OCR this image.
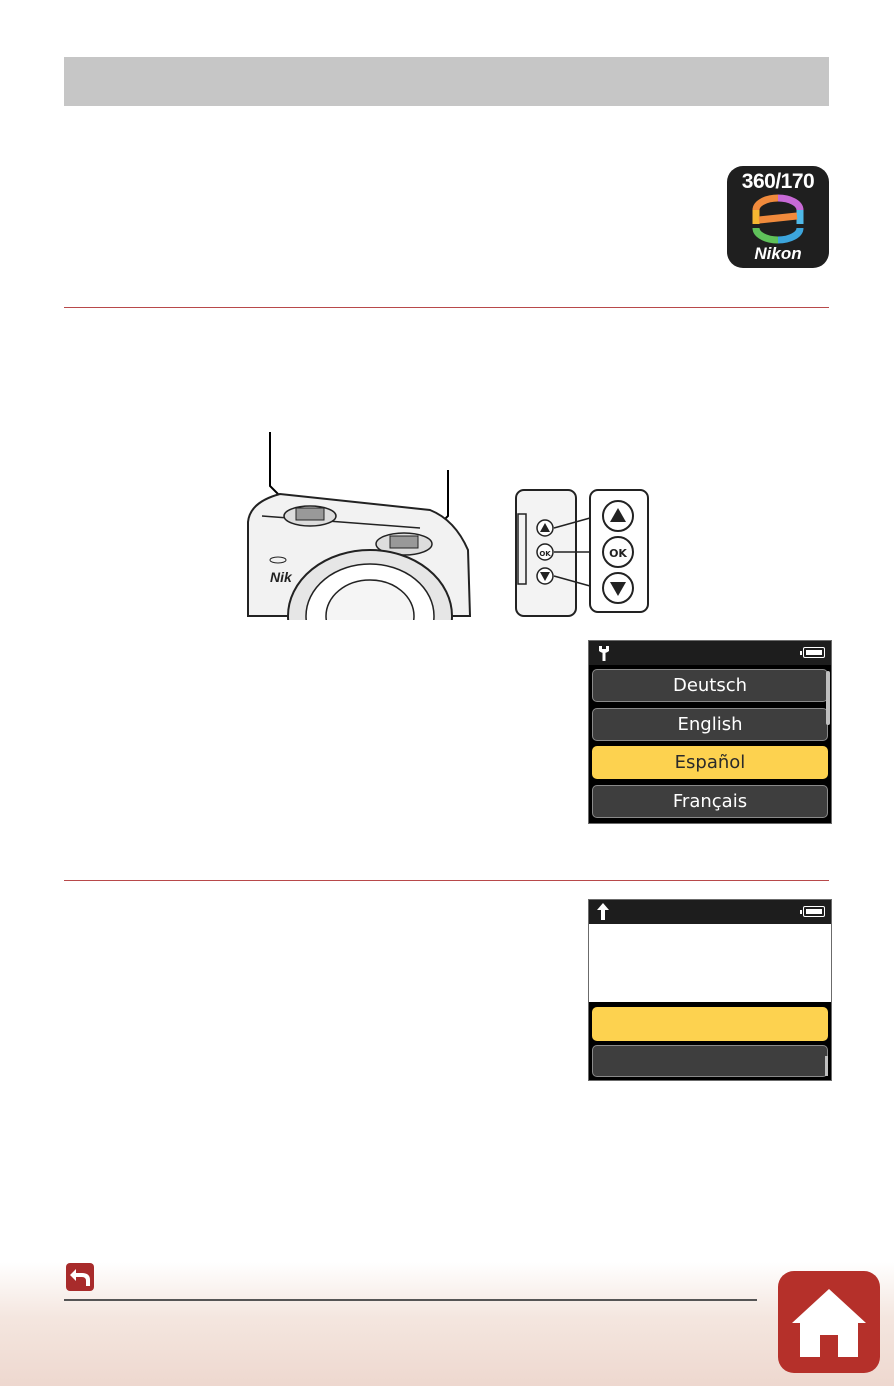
360/170
Nikon
Nik
OK	OK
Deutsch
English
Español
Français
